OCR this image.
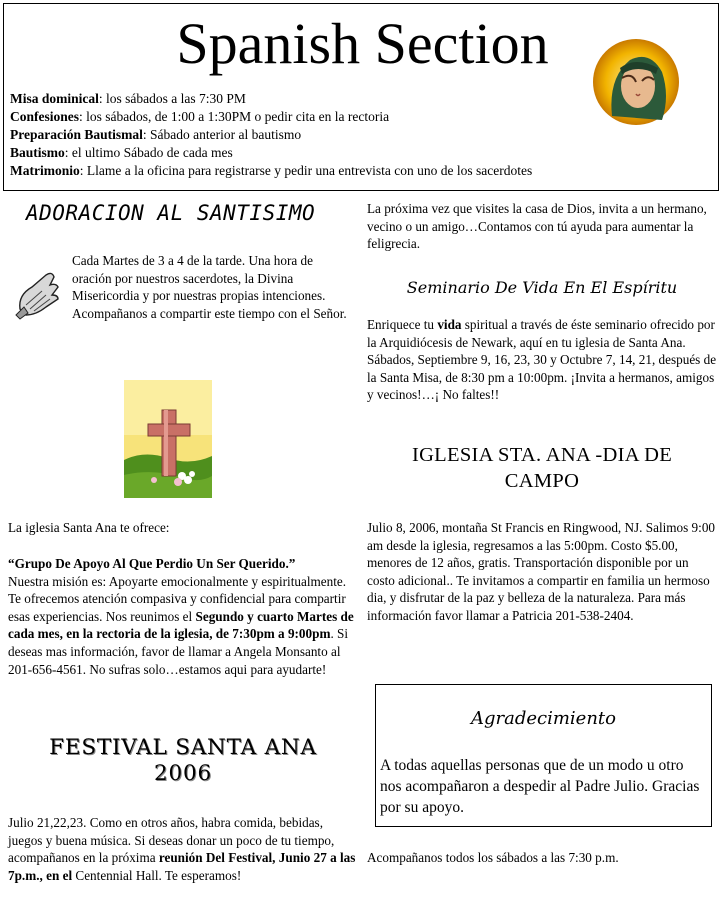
Spanish Section
Misa dominical: los sábados a las 7:30 PM
Confesiones: los sábados, de 1:00 a 1:30PM o pedir cita en la rectoria
Preparación Bautismal: Sábado anterior al bautismo
Bautismo: el ultimo Sábado de cada mes
Matrimonio: Llame a la oficina para registrarse y pedir una entrevista con uno de los sacerdotes
ADORACION AL SANTISIMO

Cada Martes de 3 a 4 de la tarde. Una hora de oración por nuestros sacerdotes, la Divina Misericordia y por nuestras propias intenciones. Acompañanos a compartir este tiempo con el Señor.

La iglesia Santa Ana te ofrece:

“Grupo De Apoyo Al Que Perdio Un Ser Querido.”
Nuestra misión es: Apoyarte emocionalmente y espiritualmente. Te ofrecemos atención compasiva y confidencial para compartir esas experiencias. Nos reunimos el Segundo y cuarto Martes de cada mes, en la rectoria de la iglesia, de 7:30pm a 9:00pm. Si deseas mas información, favor de llamar a Angela Monsanto al 201-656-4561. No sufras solo…estamos aqui para ayudarte!

FESTIVAL SANTA ANA
2006

Julio 21,22,23. Como en otros años, habra comida, bebidas, juegos y buena música. Si deseas donar un poco de tu tiempo, acompañanos en la próxima reunión Del Festival, Junio 27 a las 7p.m., en el Centennial Hall. Te esperamos!

La próxima vez que visites la casa de Dios, invita a un hermano, vecino o un amigo…Contamos con tú ayuda para aumentar la feligrecia.

Seminario De Vida En El Espíritu

Enriquece tu vida spiritual a través de éste seminario ofrecido por la Arquidiócesis de Newark, aquí en tu iglesia de Santa Ana. Sábados, Septiembre 9, 16, 23, 30 y Octubre 7, 14, 21, después de la Santa Misa, de 8:30 pm a 10:00pm. ¡Invita a hermanos, amigos y vecinos!…¡ No faltes!!

IGLESIA STA. ANA -DIA DE
CAMPO

Julio 8, 2006, montaña St Francis en Ringwood, NJ. Salimos 9:00 am desde la iglesia, regresamos a las 5:00pm. Costo $5.00, menores de 12 años, gratis. Transportación disponible por un costo adicional.. Te invitamos a compartir en familia un hermoso dia, y disfrutar de la paz y belleza de la naturaleza. Para más información favor llamar a Patricia 201-538-2404.

Agradecimiento

A todas aquellas personas que de un modo u otro nos acompañaron a despedir al Padre Julio. Gracias por su apoyo.

Acompañanos todos los sábados a las 7:30 p.m.
